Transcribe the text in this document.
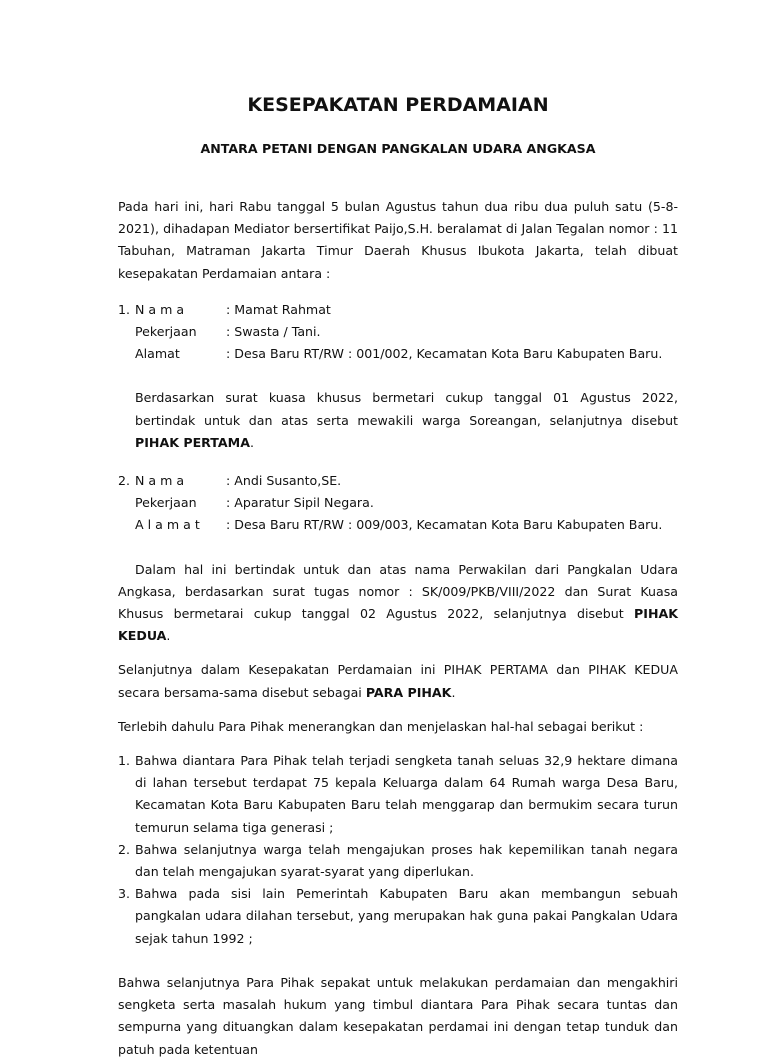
KESEPAKATAN PERDAMAIAN
ANTARA PETANI DENGAN PANGKALAN UDARA ANGKASA

Pada hari ini, hari Rabu tanggal 5 bulan Agustus tahun dua ribu dua puluh satu (5-8-2021), dihadapan Mediator bersertifikat Paijo,S.H. beralamat di Jalan Tegalan nomor : 11 Tabuhan, Matraman Jakarta Timur Daerah Khusus Ibukota Jakarta, telah dibuat kesepakatan Perdamaian antara :

1. N a m a	: Mamat Rahmat
Pekerjaan	: Swasta / Tani.
Alamat	: Desa Baru RT/RW : 001/002, Kecamatan Kota Baru Kabupaten Baru.

Berdasarkan surat kuasa khusus bermetari cukup tanggal 01 Agustus 2022, bertindak untuk dan atas serta mewakili warga Soreangan, selanjutnya disebut PIHAK PERTAMA.

2. N a m a	: Andi Susanto,SE.
Pekerjaan	: Aparatur Sipil Negara.
A l a m a t	: Desa Baru RT/RW : 009/003, Kecamatan Kota Baru Kabupaten Baru.

Dalam hal ini bertindak untuk dan atas nama Perwakilan dari Pangkalan Udara Angkasa, berdasarkan surat tugas nomor : SK/009/PKB/VIII/2022 dan Surat Kuasa Khusus bermetarai cukup tanggal 02 Agustus 2022, selanjutnya disebut PIHAK KEDUA.

Selanjutnya dalam Kesepakatan Perdamaian ini PIHAK PERTAMA dan PIHAK KEDUA secara bersama-sama disebut sebagai PARA PIHAK.

Terlebih dahulu Para Pihak menerangkan dan menjelaskan hal-hal sebagai berikut :

1. Bahwa diantara Para Pihak telah terjadi sengketa tanah seluas 32,9 hektare dimana di lahan tersebut terdapat 75 kepala Keluarga dalam 64 Rumah warga Desa Baru, Kecamatan Kota Baru Kabupaten Baru telah menggarap dan bermukim secara turun temurun selama tiga generasi ;
2. Bahwa selanjutnya warga telah mengajukan proses hak kepemilikan tanah negara dan telah mengajukan syarat-syarat yang diperlukan.
3. Bahwa pada sisi lain Pemerintah Kabupaten Baru akan membangun sebuah pangkalan udara dilahan tersebut, yang merupakan hak guna pakai Pangkalan Udara sejak tahun 1992 ;

Bahwa selanjutnya Para Pihak sepakat untuk melakukan perdamaian dan mengakhiri sengketa serta masalah hukum yang timbul diantara Para Pihak secara tuntas dan sempurna yang dituangkan dalam kesepakatan perdamai ini dengan tetap tunduk dan patuh pada ketentuan
